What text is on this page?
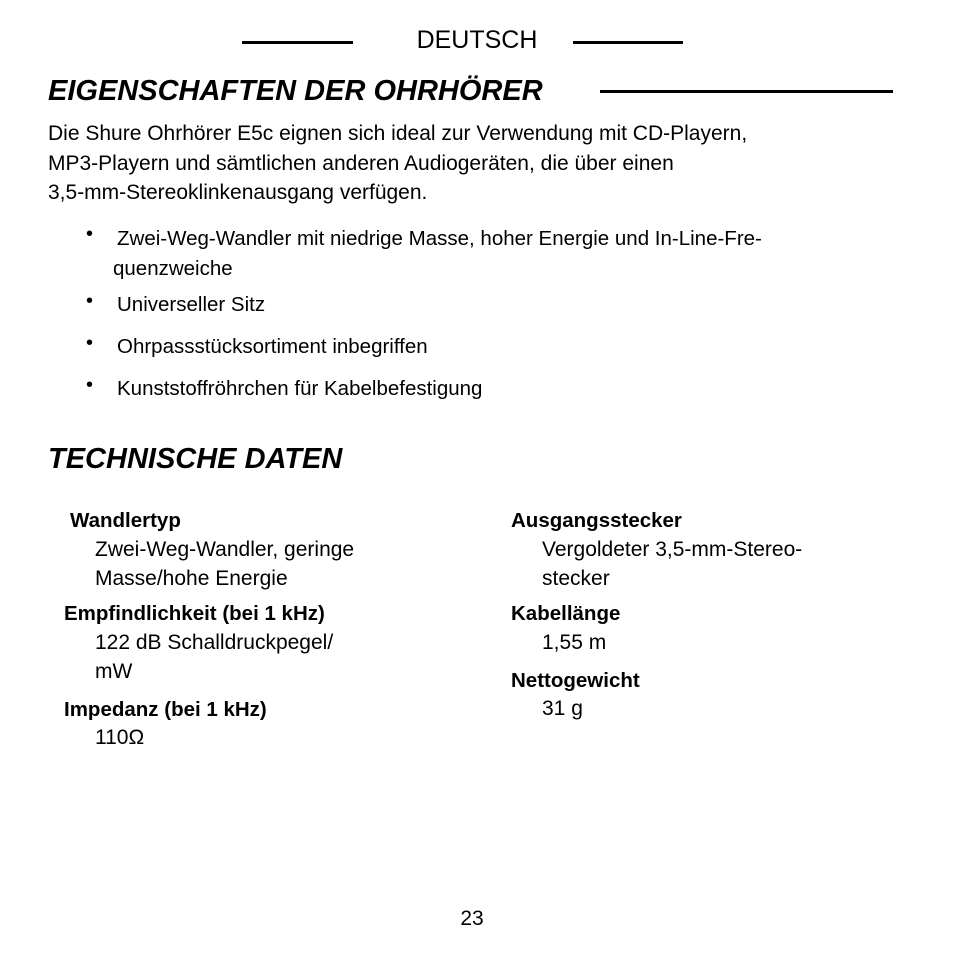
DEUTSCH
EIGENSCHAFTEN DER OHRHÖRER
Die Shure Ohrhörer E5c eignen sich ideal zur Verwendung mit CD-Playern,
MP3-Playern und sämtlichen anderen Audiogeräten, die über einen
3,5-mm-Stereoklinkenausgang verfügen.
• Zwei-Weg-Wandler mit niedrige Masse, hoher Energie und In-Line-Fre-
quenzweiche
• Universeller Sitz
• Ohrpassstücksortiment inbegriffen
• Kunststoffröhrchen für Kabelbefestigung
TECHNISCHE DATEN
Wandlertyp
Zwei-Weg-Wandler, geringe
Masse/hohe Energie
Empfindlichkeit (bei 1 kHz)
122 dB Schalldruckpegel/
mW
Impedanz (bei 1 kHz)
110Ω
Ausgangsstecker
Vergoldeter 3,5-mm-Stereo-
stecker
Kabellänge
1,55 m
Nettogewicht
31 g
23
